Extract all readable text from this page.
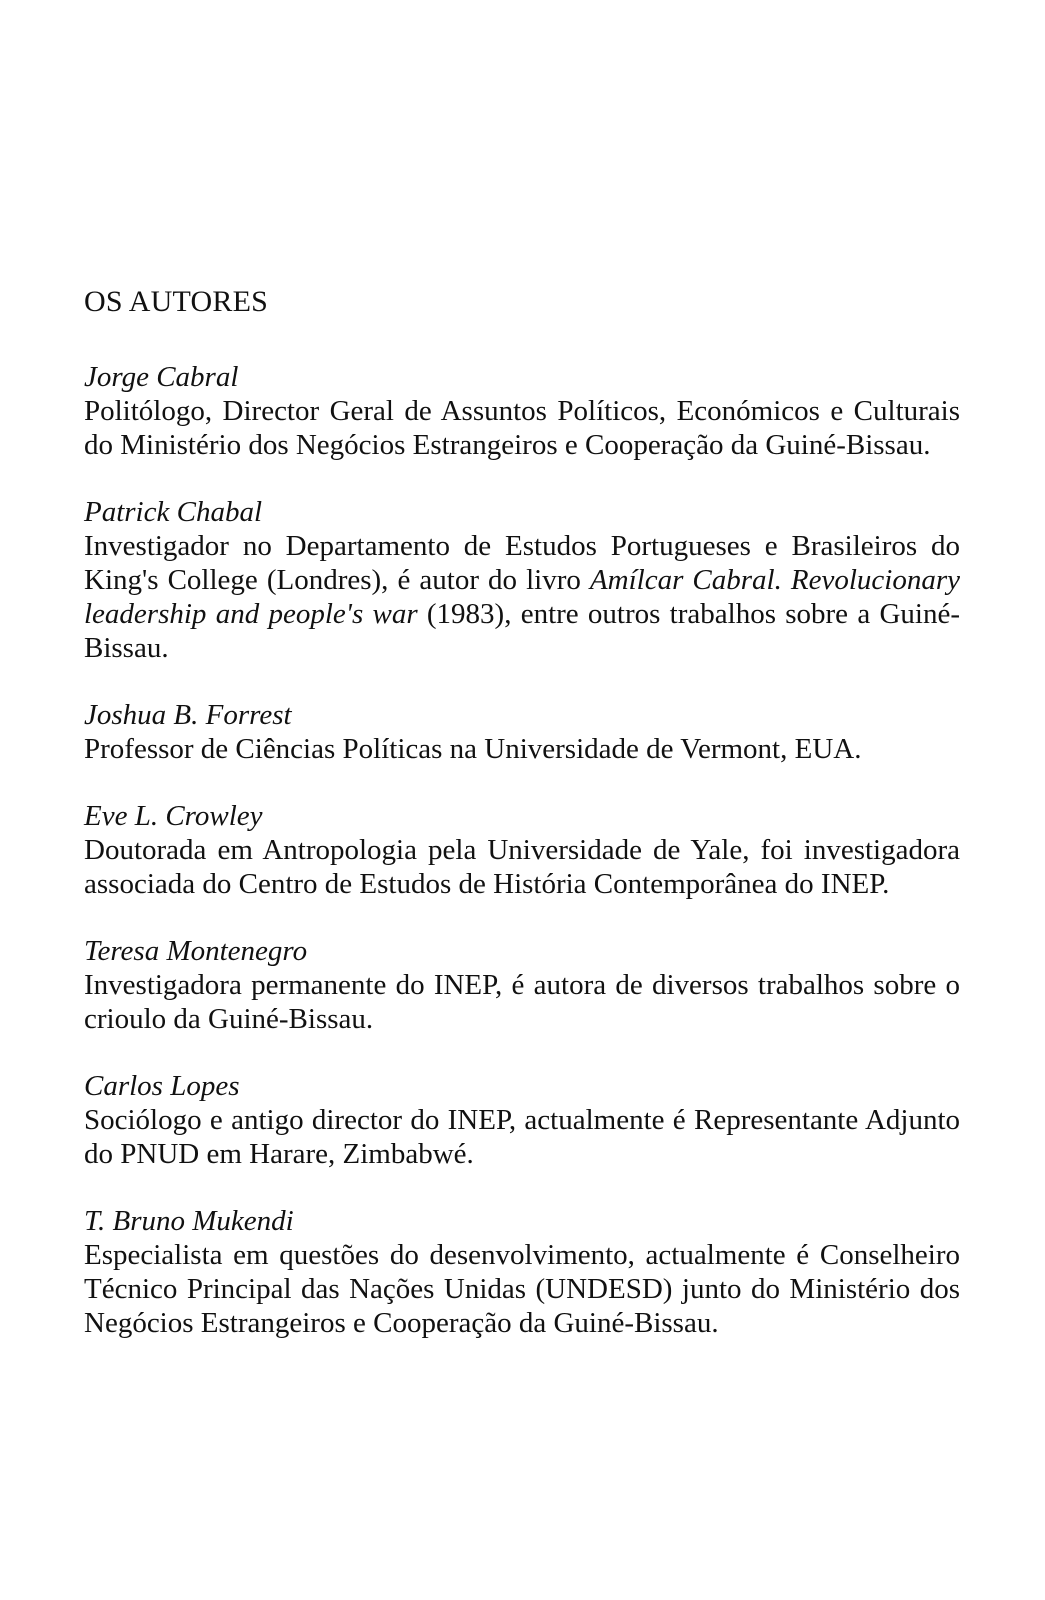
OS AUTORES

Jorge Cabral

Politólogo, Director Geral de Assuntos Políticos, Económicos e Culturais do Ministério dos Negócios Estrangeiros e Cooperação da Guiné-Bissau.

Patrick Chabal

Investigador no Departamento de Estudos Portugueses e Brasileiros do King's College (Londres), é autor do livro Amílcar Cabral. Revolucionary leadership and people's war (1983), entre outros trabalhos sobre a Guiné-Bissau.

Joshua B. Forrest

Professor de Ciências Políticas na Universidade de Vermont, EUA.

Eve L. Crowley

Doutorada em Antropologia pela Universidade de Yale, foi investigadora associada do Centro de Estudos de História Contemporânea do INEP.

Teresa Montenegro

Investigadora permanente do INEP, é autora de diversos trabalhos sobre o crioulo da Guiné-Bissau.

Carlos Lopes

Sociólogo e antigo director do INEP, actualmente é Representante Adjunto do PNUD em Harare, Zimbabwé.

T. Bruno Mukendi

Especialista em questões do desenvolvimento, actualmente é Conselheiro Técnico Principal das Nações Unidas (UNDESD) junto do Ministério dos Negócios Estrangeiros e Cooperação da Guiné-Bissau.
